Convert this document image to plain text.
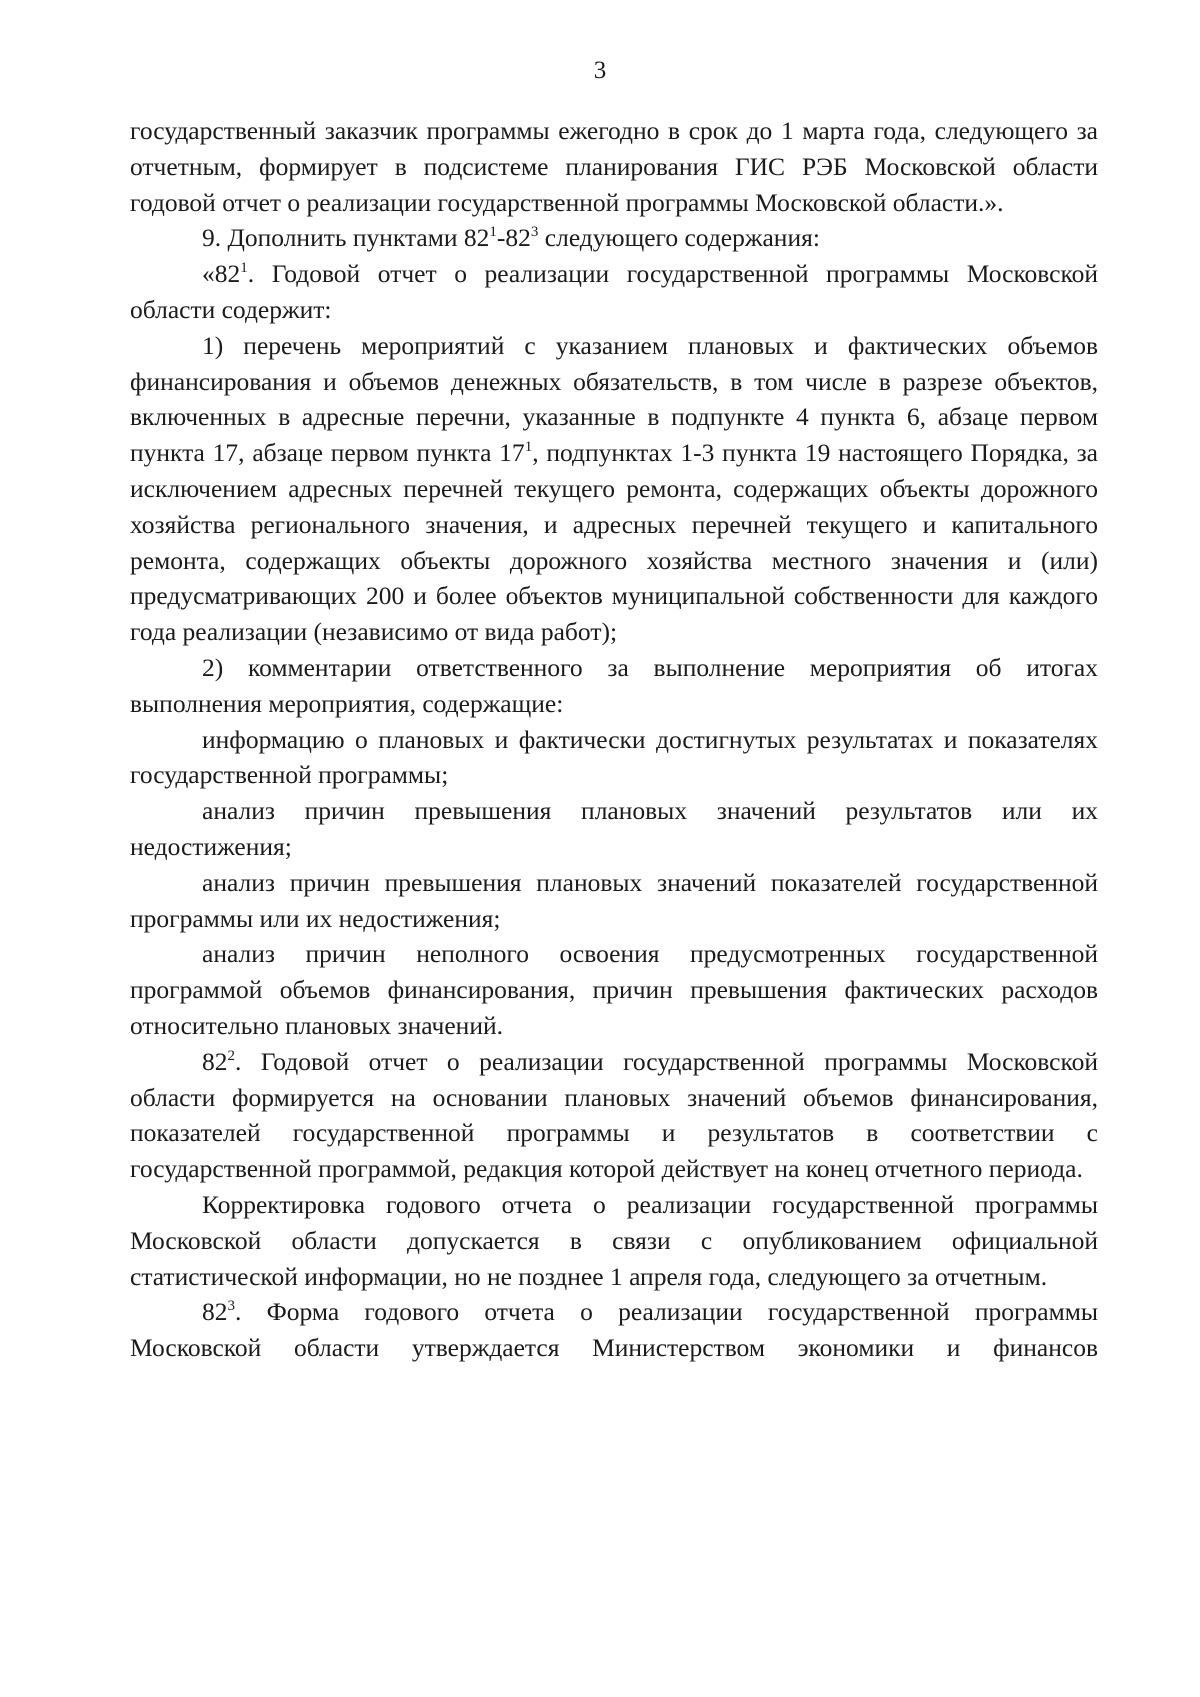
3

государственный заказчик программы ежегодно в срок до 1 марта года, следующего за отчетным, формирует в подсистеме планирования ГИС РЭБ Московской области годовой отчет о реализации государственной программы Московской области.».

9. Дополнить пунктами $82^1-82^3$ следующего содержания:

«$82^1$. Годовой отчет о реализации государственной программы Московской области содержит:

1) перечень мероприятий с указанием плановых и фактических объемов финансирования и объемов денежных обязательств, в том числе в разрезе объектов, включенных в адресные перечни, указанные в подпункте 4 пункта 6, абзаце первом пункта 17, абзаце первом пункта $17^1$, подпунктах 1-3 пункта 19 настоящего Порядка, за исключением адресных перечней текущего ремонта, содержащих объекты дорожного хозяйства регионального значения, и адресных перечней текущего и капитального ремонта, содержащих объекты дорожного хозяйства местного значения и (или) предусматривающих 200 и более объектов муниципальной собственности для каждого года реализации (независимо от вида работ);

2) комментарии ответственного за выполнение мероприятия об итогах выполнения мероприятия, содержащие:

информацию о плановых и фактически достигнутых результатах и показателях государственной программы;

анализ причин превышения плановых значений результатов или их недостижения;

анализ причин превышения плановых значений показателей государственной программы или их недостижения;

анализ причин неполного освоения предусмотренных государственной программой объемов финансирования, причин превышения фактических расходов относительно плановых значений.

$82^2$. Годовой отчет о реализации государственной программы Московской области формируется на основании плановых значений объемов финансирования, показателей государственной программы и результатов в соответствии с государственной программой, редакция которой действует на конец отчетного периода.

Корректировка годового отчета о реализации государственной программы Московской области допускается в связи с опубликованием официальной статистической информации, но не позднее 1 апреля года, следующего за отчетным.

$82^3$. Форма годового отчета о реализации государственной программы Московской области утверждается Министерством экономики и финансов
